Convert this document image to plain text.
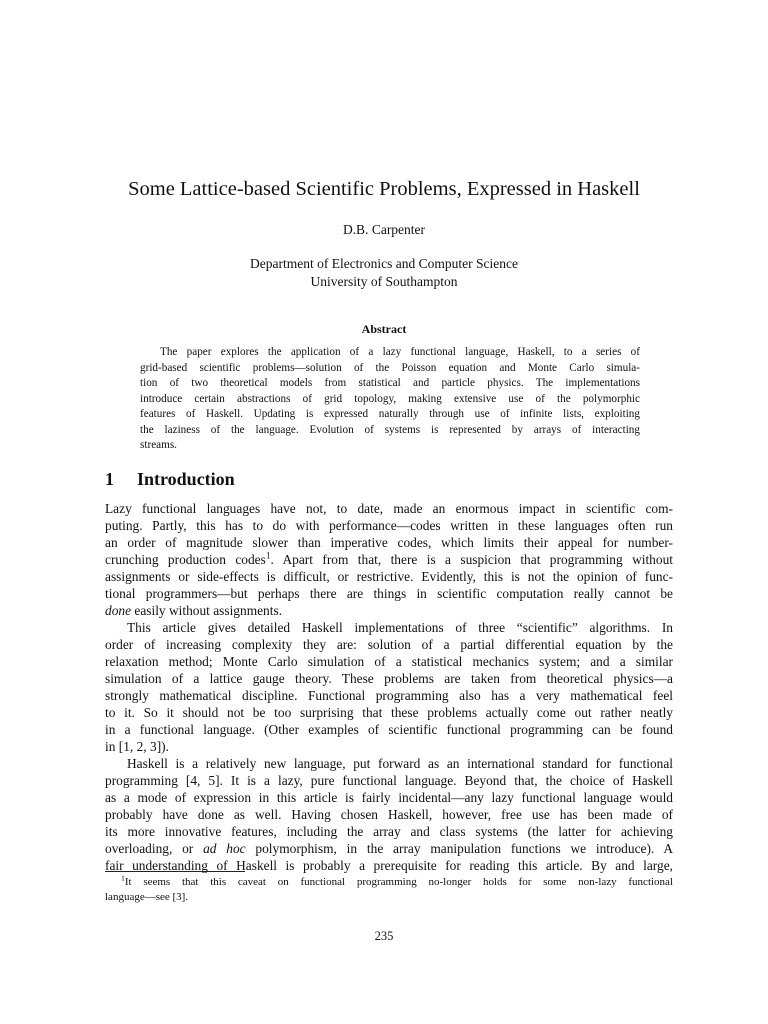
Some Lattice-based Scientific Problems, Expressed in Haskell
D.B. Carpenter
Department of Electronics and Computer Science
University of Southampton
Abstract
The paper explores the application of a lazy functional language, Haskell, to a series of
grid-based scientific problems—solution of the Poisson equation and Monte Carlo simula-
tion of two theoretical models from statistical and particle physics. The implementations
introduce certain abstractions of grid topology, making extensive use of the polymorphic
features of Haskell. Updating is expressed naturally through use of infinite lists, exploiting
the laziness of the language. Evolution of systems is represented by arrays of interacting
streams.
1 Introduction
Lazy functional languages have not, to date, made an enormous impact in scientific com-
puting. Partly, this has to do with performance—codes written in these languages often run
an order of magnitude slower than imperative codes, which limits their appeal for number-
crunching production codes$^1$. Apart from that, there is a suspicion that programming without
assignments or side-effects is difficult, or restrictive. Evidently, this is not the opinion of func-
tional programmers—but perhaps there are things in scientific computation really cannot be
done easily without assignments.
This article gives detailed Haskell implementations of three “scientific” algorithms. In
order of increasing complexity they are: solution of a partial differential equation by the
relaxation method; Monte Carlo simulation of a statistical mechanics system; and a similar
simulation of a lattice gauge theory. These problems are taken from theoretical physics—a
strongly mathematical discipline. Functional programming also has a very mathematical feel
to it. So it should not be too surprising that these problems actually come out rather neatly
in a functional language. (Other examples of scientific functional programming can be found
in [1, 2, 3]).
Haskell is a relatively new language, put forward as an international standard for functional
programming [4, 5]. It is a lazy, pure functional language. Beyond that, the choice of Haskell
as a mode of expression in this article is fairly incidental—any lazy functional language would
probably have done as well. Having chosen Haskell, however, free use has been made of
its more innovative features, including the array and class systems (the latter for achieving
overloading, or ad hoc polymorphism, in the array manipulation functions we introduce). A
fair understanding of Haskell is probably a prerequisite for reading this article. By and large,
$^1$It seems that this caveat on functional programming no-longer holds for some non-lazy functional
language—see [3].
235
